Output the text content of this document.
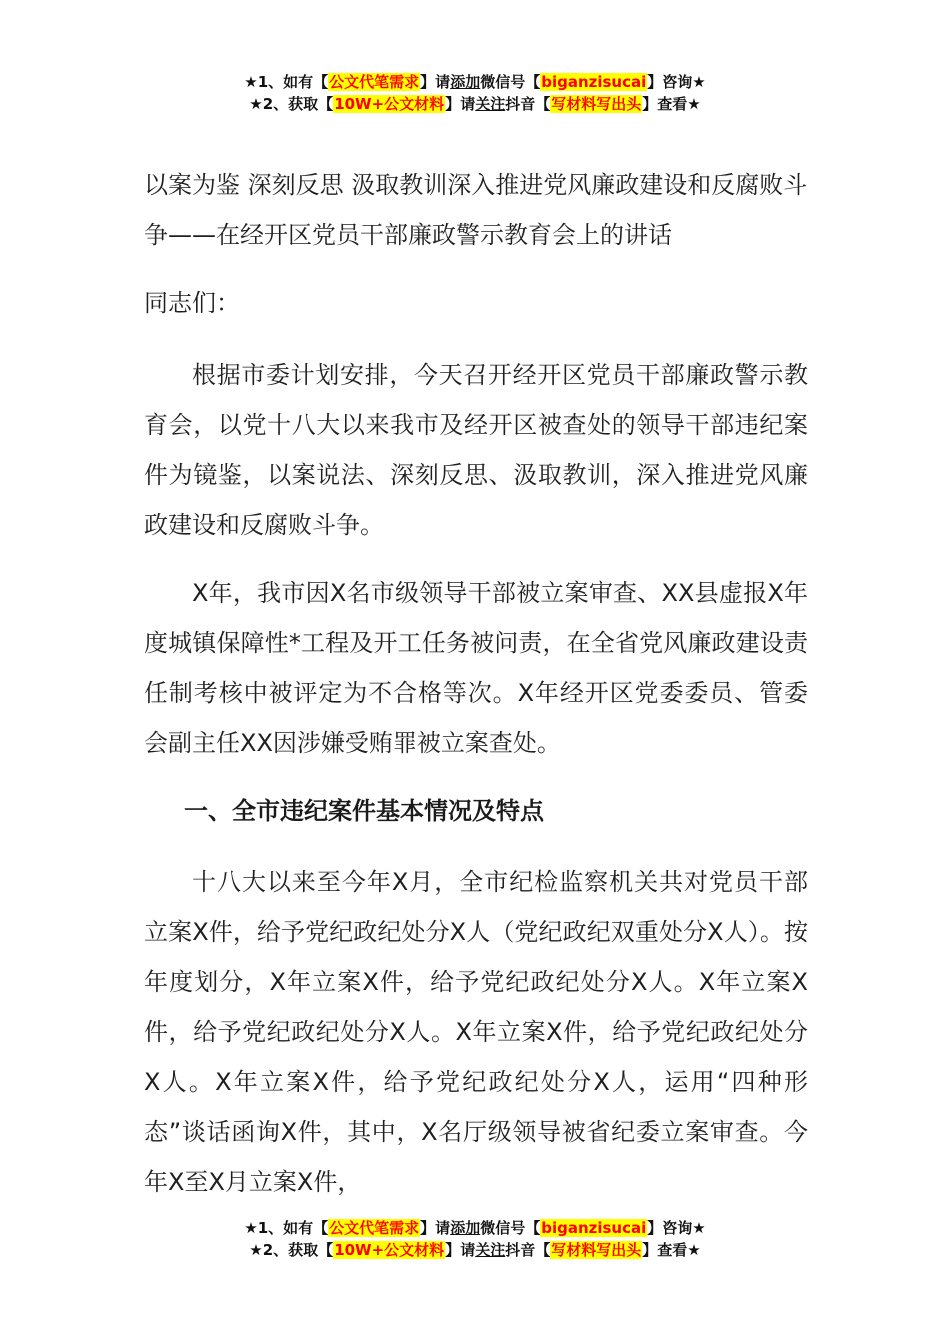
★1、如有【公文代笔需求】请添加微信号【biganzisucai】咨询★
★2、获取【10W+公文材料】请关注抖音【写材料写出头】查看★
以案为鉴 深刻反思 汲取教训深入推进党风廉政建设和反腐败斗争——在经开区党员干部廉政警示教育会上的讲话
同志们：
根据市委计划安排，今天召开经开区党员干部廉政警示教育会，以党十八大以来我市及经开区被查处的领导干部违纪案件为镜鉴，以案说法、深刻反思、汲取教训，深入推进党风廉政建设和反腐败斗争。
X年，我市因X名市级领导干部被立案审查、XX县虚报X年度城镇保障性*工程及开工任务被问责，在全省党风廉政建设责任制考核中被评定为不合格等次。X年经开区党委委员、管委会副主任XX因涉嫌受贿罪被立案查处。
一、全市违纪案件基本情况及特点
十八大以来至今年X月，全市纪检监察机关共对党员干部立案X件，给予党纪政纪处分X人（党纪政纪双重处分X人）。按年度划分，X年立案X件，给予党纪政纪处分X人。X年立案X件，给予党纪政纪处分X人。X年立案X件，给予党纪政纪处分X人。X年立案X件，给予党纪政纪处分X人，运用“四种形态”谈话函询X件，其中，X名厅级领导被省纪委立案审查。今年X至X月立案X件，
★1、如有【公文代笔需求】请添加微信号【biganzisucai】咨询★
★2、获取【10W+公文材料】请关注抖音【写材料写出头】查看★
